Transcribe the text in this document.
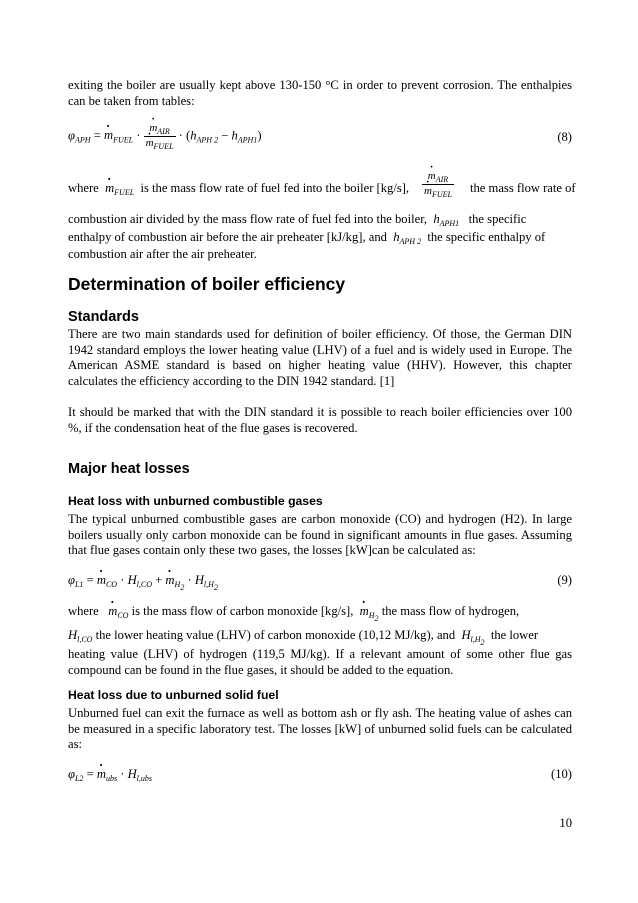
exiting the boiler are usually kept above 130-150 °C in order to prevent corrosion. The enthalpies can be taken from tables:
$\varphi_{APH}$ = · $m_{FUEL}$ · · $m_{AIR}$
· $m_{FUEL} \cdot (h_{APH 2} - h_{APH1})$	(8)
where · $m_{FUEL}$ is the mass flow rate of fuel fed into the boiler [kg/s], · $m_{AIR}$
· $m_{FUEL}$ the mass flow rate of
combustion air divided by the mass flow rate of fuel fed into the boiler, $h_{APH1}$ the specific
enthalpy of combustion air before the air preheater [kJ/kg], and $h_{APH 2}$ the specific enthalpy of
combustion air after the air preheater.
Determination of boiler efficiency
Standards
There are two main standards used for definition of boiler efficiency. Of those, the German DIN 1942 standard employs the lower heating value (LHV) of a fuel and is widely used in Europe. The American ASME standard is based on higher heating value (HHV). However, this chapter calculates the efficiency according to the DIN 1942 standard. [1]
It should be marked that with the DIN standard it is possible to reach boiler efficiencies over 100 %, if the condensation heat of the flue gases is recovered.
Major heat losses
Heat loss with unburned combustible gases
The typical unburned combustible gases are carbon monoxide (CO) and hydrogen (H2). In large boilers usually only carbon monoxide can be found in significant amounts in flue gases. Assuming that flue gases contain only these two gases, the losses [kW]can be calculated as:
$\varphi_{L1}$ = · $m_{CO} \cdot H_{l,CO}$ + · $m_{H_2} \cdot H_{l,H_2}$
(9)
where · $m_{CO}$ is the mass flow of carbon monoxide [kg/s], · $m_{H_2}$ the mass flow of hydrogen,
$H_{l,CO}$ the lower heating value (LHV) of carbon monoxide (10,12 MJ/kg), and $H_{l,H_2}$  the lower
heating value (LHV) of hydrogen (119,5 MJ/kg). If a relevant amount of some other flue gas compound can be found in the flue gases, it should be added to the equation.
Heat loss due to unburned solid fuel
Unburned fuel can exit the furnace as well as bottom ash or fly ash. The heating value of ashes can be measured in a specific laboratory test. The losses [kW] of unburned solid fuels can be calculated as:
$\varphi_{L2}$ = · $m_{ubs} \cdot H_{l,ubs}$	(10)
10
